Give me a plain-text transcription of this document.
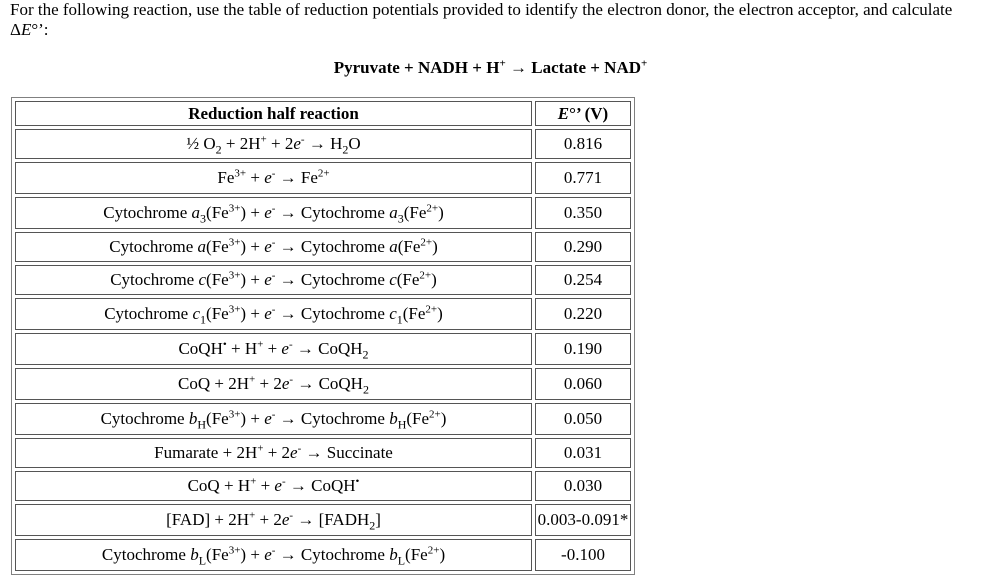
For the following reaction, use the table of reduction potentials provided to identify the electron donor, the electron acceptor, and calculate ΔE°’:
Pyruvate + NADH + H+ → Lactate + NAD+
Reduction half reaction	E°’ (V)
½ $O_2 + 2H^+ + 2e^- \to H_2O$	0.816
$Fe^{3+} + e^- \to Fe^{2+}$	0.771
Cytochrome $a_3(Fe^{3+}) + e^-$ → Cytochrome $a_3(Fe^{2+})$	0.350
Cytochrome $a(Fe^{3+}) + e^-$ → Cytochrome $a(Fe^{2+})$	0.290
Cytochrome $c(Fe^{3+}) + e^-$ → Cytochrome $c(Fe^{2+})$	0.254
Cytochrome $c_1(Fe^{3+}) + e^-$ → Cytochrome $c_1(Fe^{2+})$	0.220
CoQH• + H+ + e- → CoQH$_2$	0.190
CoQ + 2H+ + 2e- → CoQH$_2$	0.060
Cytochrome $b_H(Fe^{3+}) + e^-$ → Cytochrome $b_H(Fe^{2+})$	0.050
Fumarate + 2H+ + 2e- → Succinate	0.031
CoQ + H+ + e- → CoQH•	0.030
$[FAD] + 2H^+ + 2e^- \to [FADH_2]$	0.003-0.091*
Cytochrome $b_L(Fe^{3+}) + e^-$ → Cytochrome $b_L(Fe^{2+})$	-0.100
